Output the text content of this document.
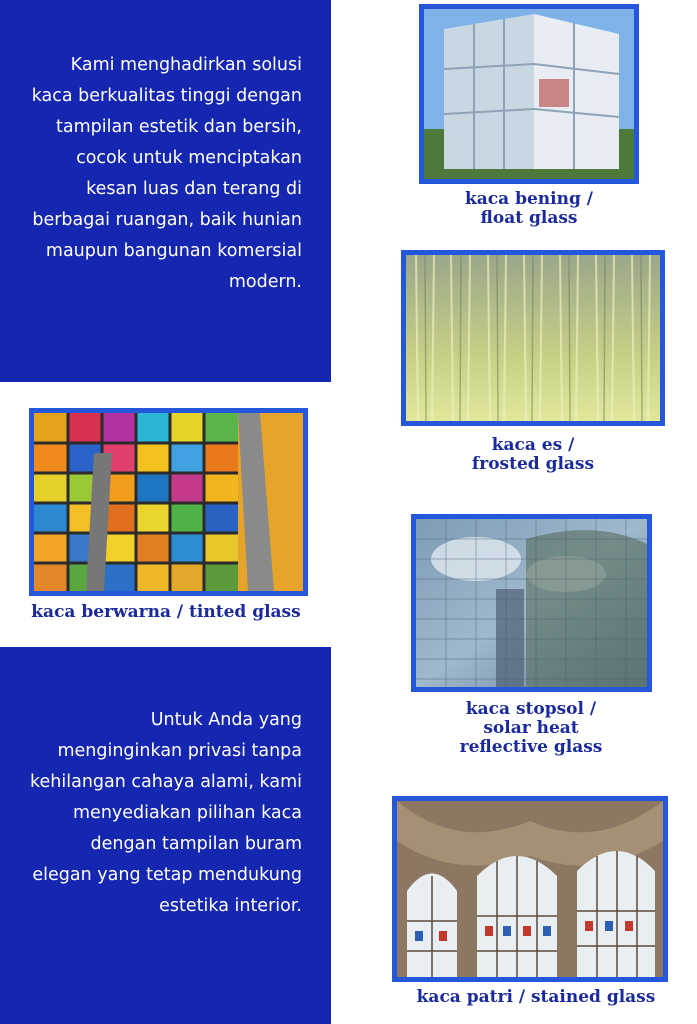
Kami menghadirkan solusi kaca berkualitas tinggi dengan tampilan estetik dan bersih, cocok untuk menciptakan kesan luas dan terang di berbagai ruangan, baik hunian maupun bangunan komersial modern.

Untuk Anda yang menginginkan privasi tanpa kehilangan cahaya alami, kami menyediakan pilihan kaca dengan tampilan buram elegan yang tetap mendukung estetika interior.

kaca bening /
float glass
kaca es /
frosted glass
kaca berwarna / tinted glass
kaca stopsol /
solar heat
reflective glass
kaca patri / stained glass
